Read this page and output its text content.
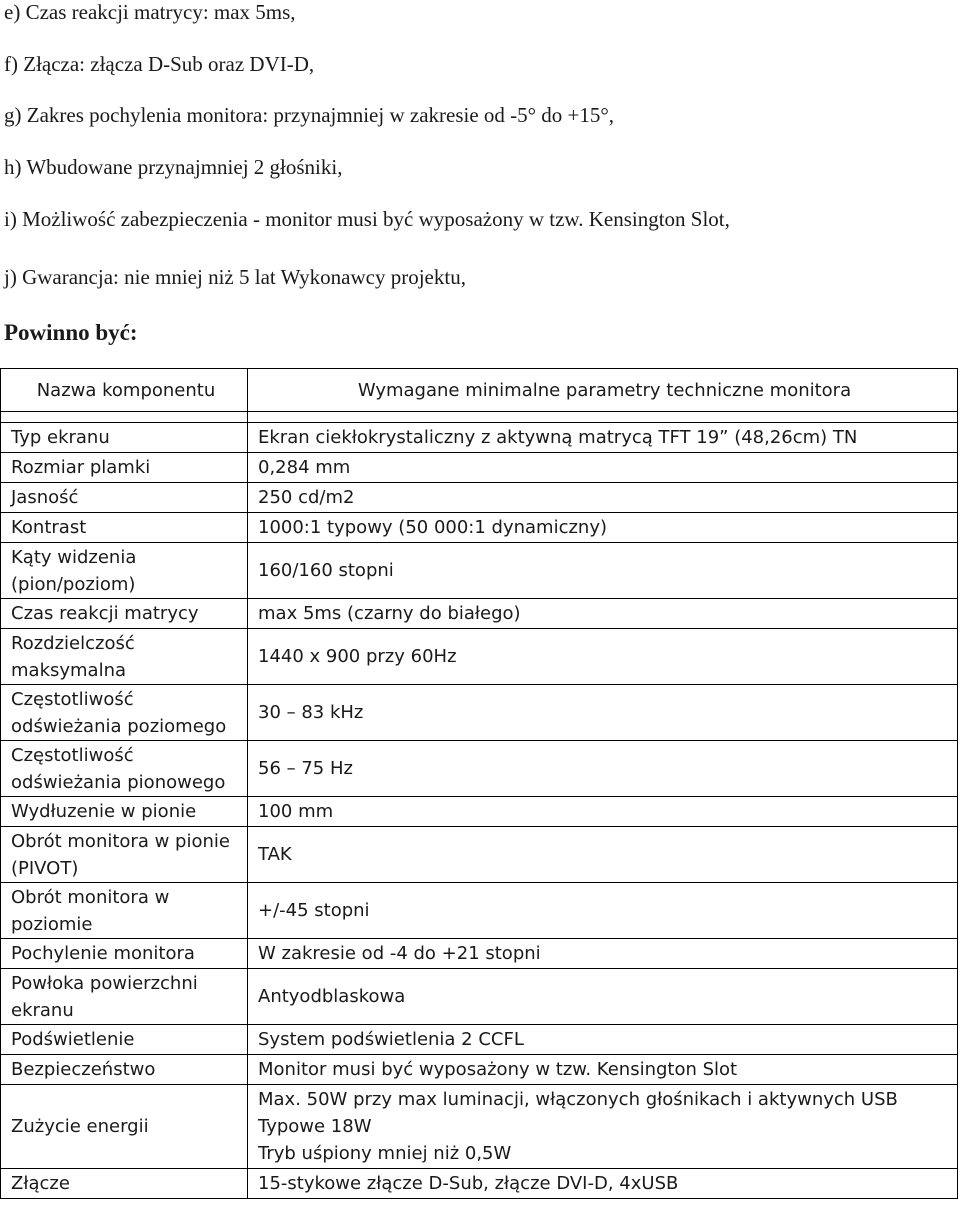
e) Czas reakcji matrycy: max 5ms,
f) Złącza: złącza D-Sub oraz DVI-D,
g) Zakres pochylenia monitora: przynajmniej w zakresie od -5° do +15°,
h) Wbudowane przynajmniej 2 głośniki,
i) Możliwość zabezpieczenia - monitor musi być wyposażony w tzw. Kensington Slot,
j) Gwarancja: nie mniej niż 5 lat Wykonawcy projektu,
Powinno być:
Nazwa komponentu	Wymagane minimalne parametry techniczne monitora

Typ ekranu	Ekran ciekłokrystaliczny z aktywną matrycą TFT 19” (48,26cm) TN
Rozmiar plamki	0,284 mm
Jasność	250 cd/m2
Kontrast	1000:1 typowy (50 000:1 dynamiczny)
Kąty widzenia (pion/poziom)	160/160 stopni
Czas reakcji matrycy	max 5ms (czarny do białego)
Rozdzielczość maksymalna	1440 x 900 przy 60Hz
Częstotliwość odświeżania poziomego	30 – 83 kHz
Częstotliwość odświeżania pionowego	56 – 75 Hz
Wydłuzenie w pionie	100 mm
Obrót monitora w pionie (PIVOT)	TAK
Obrót monitora w poziomie	+/-45 stopni
Pochylenie monitora	W zakresie od -4 do +21 stopni
Powłoka powierzchni ekranu	Antyodblaskowa
Podświetlenie	System podświetlenia 2 CCFL
Bezpieczeństwo	Monitor musi być wyposażony w tzw. Kensington Slot
Zużycie energii	Max. 50W przy max luminacji, włączonych głośnikach i aktywnych USB
Typowe 18W
Tryb uśpiony mniej niż 0,5W

Złącze	15-stykowe złącze D-Sub, złącze DVI-D, 4xUSB
